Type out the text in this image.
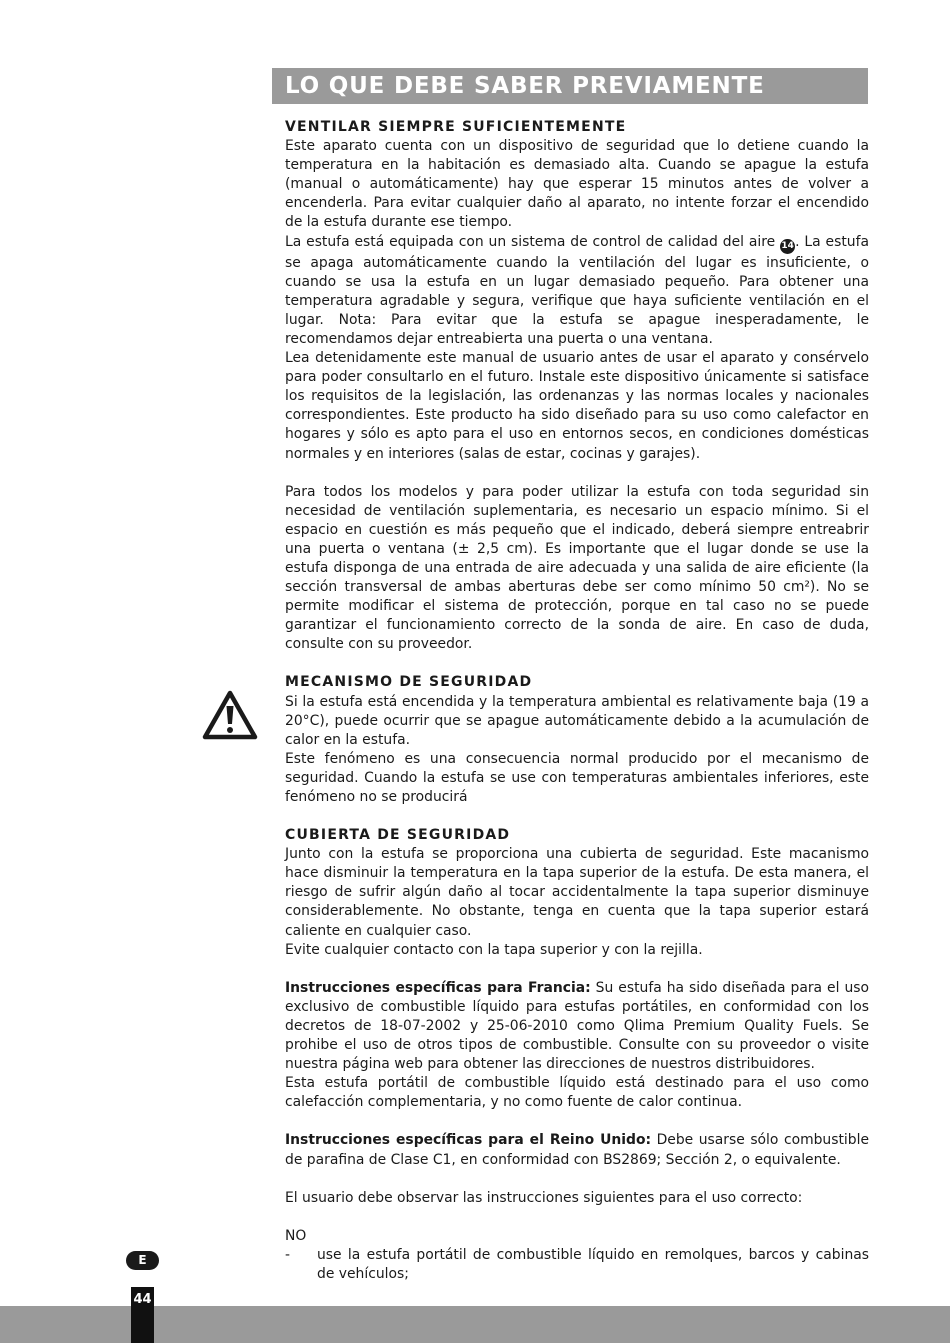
LO QUE DEBE SABER PREVIAMENTE
VENTILAR SIEMPRE SUFICIENTEMENTE

Este aparato cuenta con un dispositivo de seguridad que lo detiene cuando la temperatura en la habitación es demasiado alta. Cuando se apague la estufa (manual o automáticamente) hay que esperar 15 minutos antes de volver a encenderla. Para evitar cualquier daño al aparato, no intente forzar el encendido de la estufa durante ese tiempo.

La estufa está equipada con un sistema de control de calidad del aire 14. La estufa se apaga automáticamente cuando la ventilación del lugar es insuficiente, o cuando se usa la estufa en un lugar demasiado pequeño. Para obtener una temperatura agradable y segura, verifique que haya suficiente ventilación en el lugar. Nota: Para evitar que la estufa se apague inesperadamente, le recomendamos dejar entreabierta una puerta o una ventana.

Lea detenidamente este manual de usuario antes de usar el aparato y consérvelo para poder consultarlo en el futuro. Instale este dispositivo únicamente si satisface los requisitos de la legislación, las ordenanzas y las normas locales y nacionales correspondientes. Este producto ha sido diseñado para su uso como calefactor en hogares y sólo es apto para el uso en entornos secos, en condiciones domésticas normales y en interiores (salas de estar, cocinas y garajes).

Para todos los modelos y para poder utilizar la estufa con toda seguridad sin necesidad de ventilación suplementaria, es necesario un espacio mínimo. Si el espacio en cuestión es más pequeño que el indicado, deberá siempre entreabrir una puerta o ventana (± 2,5 cm). Es importante que el lugar donde se use la estufa disponga de una entrada de aire adecuada y una salida de aire eficiente (la sección transversal de ambas aberturas debe ser como mínimo 50 cm²). No se permite modificar el sistema de protección, porque en tal caso no se puede garantizar el funcionamiento correcto de la sonda de aire. En caso de duda, consulte con su proveedor.

MECANISMO DE SEGURIDAD

Si la estufa está encendida y la temperatura ambiental es relativamente baja (19 a 20°C), puede ocurrir que se apague automáticamente debido a la acumulación de calor en la estufa.

Este fenómeno es una consecuencia normal producido por el mecanismo de seguridad. Cuando la estufa se use con temperaturas ambientales inferiores, este fenómeno no se producirá

CUBIERTA DE SEGURIDAD

Junto con la estufa se proporciona una cubierta de seguridad. Este macanismo hace disminuir la temperatura en la tapa superior de la estufa. De esta manera, el riesgo de sufrir algún daño al tocar accidentalmente la tapa superior disminuye considerablemente. No obstante, tenga en cuenta que la tapa superior estará caliente en cualquier caso.

Evite cualquier contacto con la tapa superior y con la rejilla.

Instrucciones específicas para Francia: Su estufa ha sido diseñada para el uso exclusivo de combustible líquido para estufas portátiles, en conformidad con los decretos de 18-07-2002 y 25-06-2010 como Qlima Premium Quality Fuels. Se prohibe el uso de otros tipos de combustible. Consulte con su proveedor o visite nuestra página web para obtener las direcciones de nuestros distribuidores.

Esta estufa portátil de combustible líquido está destinado para el uso como calefacción complementaria, y no como fuente de calor continua.

Instrucciones específicas para el Reino Unido: Debe usarse sólo combustible de parafina de Clase C1, en conformidad con BS2869; Sección 2, o equivalente.

El usuario debe observar las instrucciones siguientes para el uso correcto:

NO

-	use la estufa portátil de combustible líquido en remolques, barcos y cabinas de vehículos;
E
44
